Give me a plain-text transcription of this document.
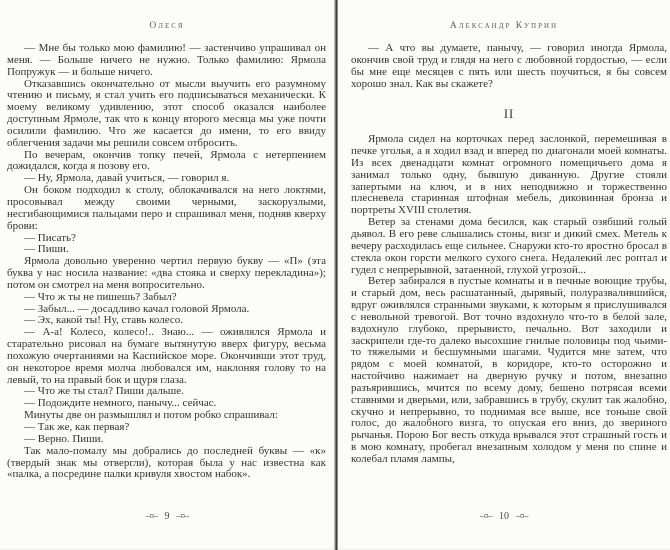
Олеся

— Мне бы только мою фамилию! — застенчиво упрашивал он меня. — Больше ничего не нужно. Только фамилию: Ярмола Попружук — и больше ничего.

Отказавшись окончательно от мысли выучить его разумному чтению и письму, я стал учить его подписываться механически. К моему великому удивлению, этот способ оказался наиболее доступным Ярмоле, так что к концу второго месяца мы уже почти осилили фамилию. Что же касается до имени, то его ввиду облегчения задачи мы решили совсем отбросить.

По вечерам, окончив топку печей, Ярмола с нетерпением дожидался, когда я позову его.

— Ну, Ярмола, давай учиться, — говорил я.

Он боком подходил к столу, облокачивался на него локтями, просовывал между своими черными, заскорузлыми, несгибающимися пальцами перо и спрашивал меня, подняв кверху брови:

— Писать?

— Пиши.

Ярмола довольно уверенно чертил первую букву — «П» (эта буква у нас носила название: «два стояка и сверху перекладина»); потом он смотрел на меня вопросительно.

— Что ж ты не пишешь? Забыл?

— Забыл... — досадливо качал головой Ярмола.

— Эх, какой ты! Ну, ставь колесо.

— А-а! Колесо, колесо!.. Знаю... — оживлялся Ярмола и старательно рисовал на бумаге вытянутую вверх фигуру, весьма похожую очертаниями на Каспийское море. Окончивши этот труд, он некоторое время молча любовался им, наклоняя голову то на левый, то на правый бок и щуря глаза.

— Что же ты стал? Пиши дальше.

— Подождите немного, панычу... сейчас.

Минуты две он размышлял и потом робко спрашивал:

— Так же, как первая?

— Верно. Пиши.

Так мало-помалу мы добрались до последней буквы — «к» (твердый знак мы отвергли), которая была у нас известна как «палка, а посредине палки кривуля хвостом набок».

–¤– 9 –¤–
Александр Куприн

— А что вы думаете, панычу, — говорил иногда Ярмола, окончив свой труд и глядя на него с любовной гордостью, — если бы мне еще месяцев с пять или шесть поучиться, я бы совсем хорошо знал. Как вы скажете?

II

Ярмола сидел на корточках перед заслонкой, перемешивая в печке уголья, а я ходил взад и вперед по диагонали моей комнаты. Из всех двенадцати комнат огромного помещичьего дома я занимал только одну, бывшую диванную. Другие стояли запертыми на ключ, и в них неподвижно и торжественно плесневела старинная штофная мебель, диковинная бронза и портреты XVIII столетия.

Ветер за стенами дома бесился, как старый озябший голый дьявол. В его реве слышались стоны, визг и дикий смех. Метель к вечеру расходилась еще сильнее. Снаружи кто-то яростно бросал в стекла окон горсти мелкого сухого снега. Недалекий лес роптал и гудел с непрерывной, затаенной, глухой угрозой...

Ветер забирался в пустые комнаты и в печные воющие трубы, и старый дом, весь расшатанный, дырявый, полуразвалившийся, вдруг оживлялся странными звуками, к которым я прислушивался с невольной тревогой. Вот точно вздохнуло что-то в белой зале, вздохнуло глубоко, прерывисто, печально. Вот заходили и заскрипели где-то далеко высохшие гнилые половицы под чьими-то тяжелыми и бесшумными шагами. Чудится мне затем, что рядом с моей комнатой, в коридоре, кто-то осторожно и настойчиво нажимает на дверную ручку и потом, внезапно разъярившись, мчится по всему дому, бешено потрясая всеми ставнями и дверьми, или, забравшись в трубу, скулит так жалобно, скучно и непрерывно, то поднимая все выше, все тоньше свой голос, до жалобного визга, то опуская его вниз, до звериного рычанья. Порою Бог весть откуда врывался этот страшный гость и в мою комнату, пробегал внезапным холодом у меня по спине и колебал пламя лампы,

–¤– 10 –¤–
